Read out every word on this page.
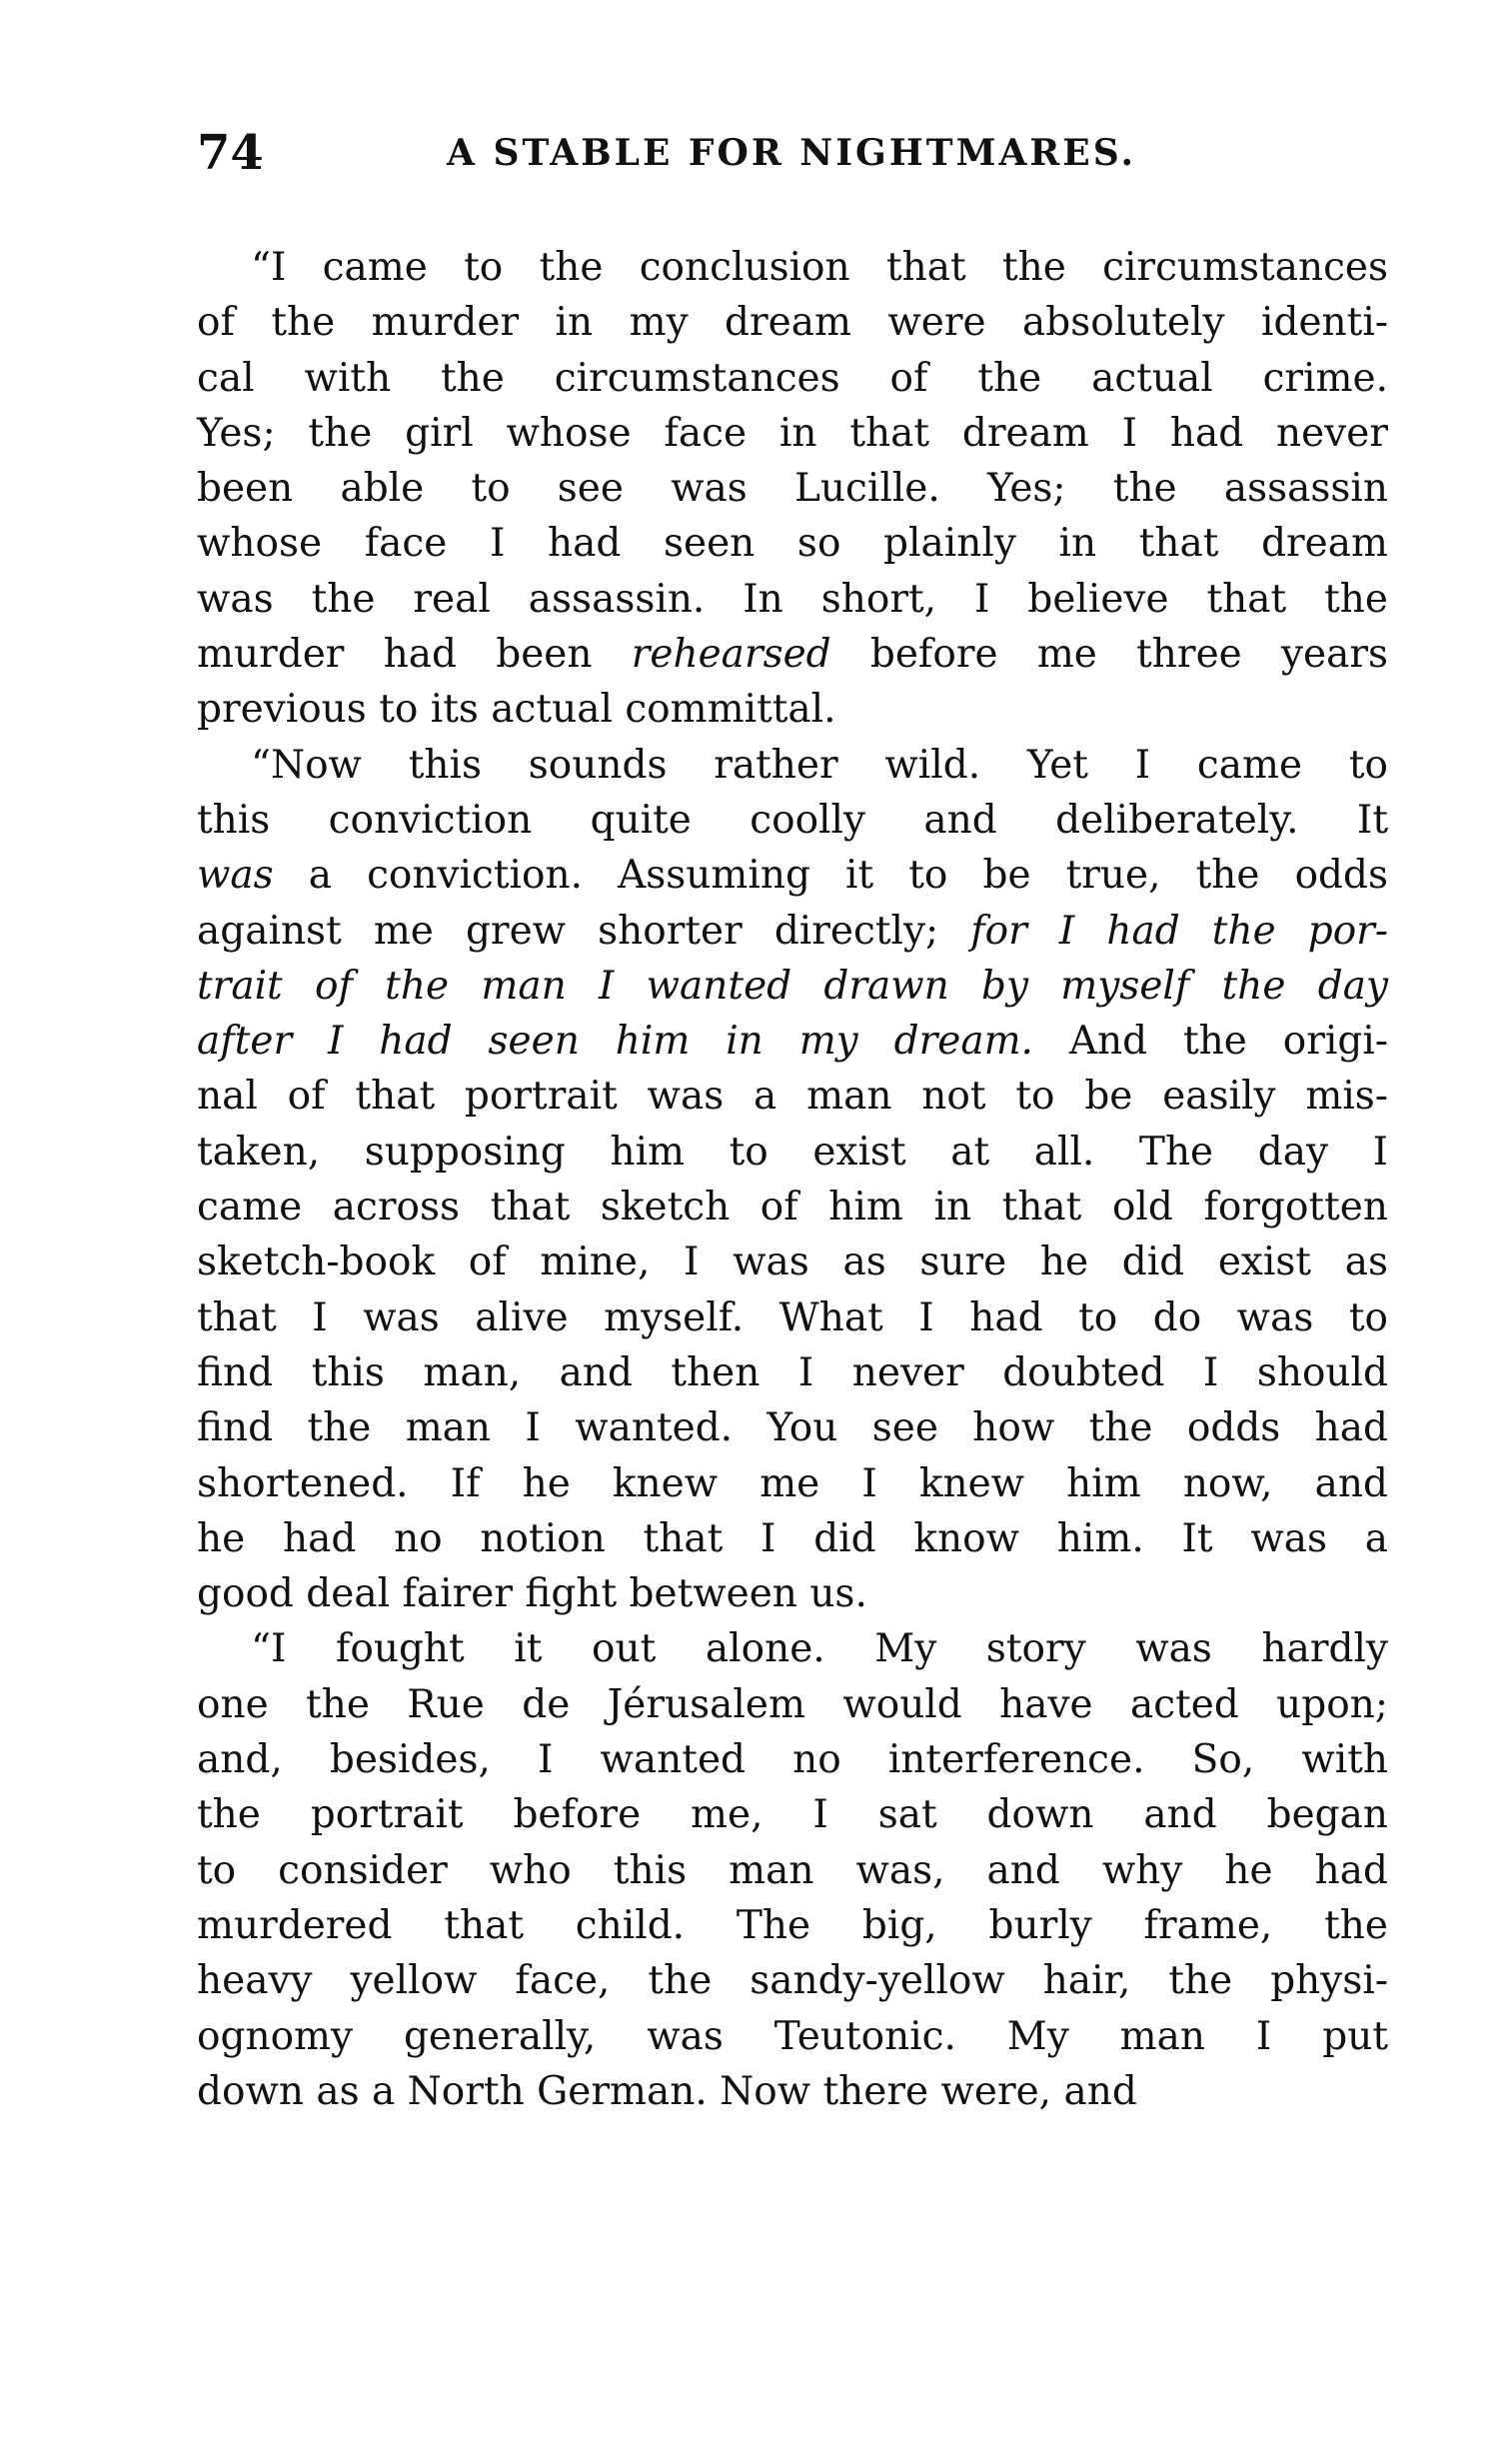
74	A STABLE FOR NIGHTMARES.
“I came to the conclusion that the circumstances
of the murder in my dream were absolutely identi-
cal with the circumstances of the actual crime.
Yes; the girl whose face in that dream I had never
been able to see was Lucille. Yes; the assassin
whose face I had seen so plainly in that dream
was the real assassin. In short, I believe that the
murder had been rehearsed before me three years
previous to its actual committal.
“Now this sounds rather wild. Yet I came to
this conviction quite coolly and deliberately. It
was a conviction. Assuming it to be true, the odds
against me grew shorter directly; for I had the por-
trait of the man I wanted drawn by myself the day
after I had seen him in my dream. And the origi-
nal of that portrait was a man not to be easily mis-
taken, supposing him to exist at all. The day I
came across that sketch of him in that old forgotten
sketch-book of mine, I was as sure he did exist as
that I was alive myself. What I had to do was to
find this man, and then I never doubted I should
find the man I wanted. You see how the odds had
shortened. If he knew me I knew him now, and
he had no notion that I did know him. It was a
good deal fairer fight between us.
“I fought it out alone. My story was hardly
one the Rue de Jérusalem would have acted upon;
and, besides, I wanted no interference. So, with
the portrait before me, I sat down and began
to consider who this man was, and why he had
murdered that child. The big, burly frame, the
heavy yellow face, the sandy-yellow hair, the physi-
ognomy generally, was Teutonic. My man I put
down as a North German. Now there were, and
